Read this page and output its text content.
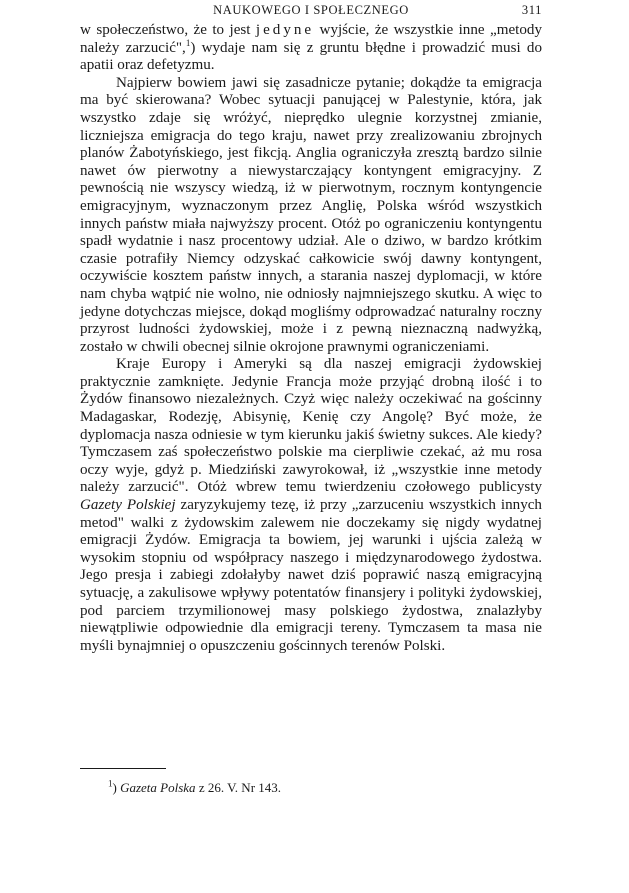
NAUKOWEGO I SPOŁECZNEGO	311

w społeczeństwo, że to jest jedyne wyjście, że wszystkie inne „metody należy zarzucić",$^1$) wydaje nam się z gruntu błędne i prowadzić musi do apatii oraz defetyzmu.

Najpierw bowiem jawi się zasadnicze pytanie; dokądże ta emigracja ma być skierowana? Wobec sytuacji panującej w Palestynie, która, jak wszystko zdaje się wróżyć, nieprędko ulegnie korzystnej zmianie, liczniejsza emigracja do tego kraju, nawet przy zrealizowaniu zbrojnych planów Żabotyńskiego, jest fikcją. Anglia ograniczyła zresztą bardzo silnie nawet ów pierwotny a niewystarczający kontyngent emigracyjny. Z pewnością nie wszyscy wiedzą, iż w pierwotnym, rocznym kontyngencie emigracyjnym, wyznaczonym przez Anglię, Polska wśród wszystkich innych państw miała najwyższy procent. Otóż po ograniczeniu kontyngentu spadł wydatnie i nasz procentowy udział. Ale o dziwo, w bardzo krótkim czasie potrafiły Niemcy odzyskać całkowicie swój dawny kontyngent, oczywiście kosztem państw innych, a starania naszej dyplomacji, w które nam chyba wątpić nie wolno, nie odniosły najmniejszego skutku. A więc to jedyne dotychczas miejsce, dokąd mogliśmy odprowadzać naturalny roczny przyrost ludności żydowskiej, może i z pewną nieznaczną nadwyżką, zostało w chwili obecnej silnie okrojone prawnymi ograniczeniami.

Kraje Europy i Ameryki są dla naszej emigracji żydowskiej praktycznie zamknięte. Jedynie Francja może przyjąć drobną ilość i to Żydów finansowo niezależnych. Czyż więc należy oczekiwać na gościnny Madagaskar, Rodezję, Abisynię, Kenię czy Angolę? Być może, że dyplomacja nasza odniesie w tym kierunku jakiś świetny sukces. Ale kiedy? Tymczasem zaś społeczeństwo polskie ma cierpliwie czekać, aż mu rosa oczy wyje, gdyż p. Miedziński zawyrokował, iż „wszystkie inne metody należy zarzucić". Otóż wbrew temu twierdzeniu czołowego publicysty Gazety Polskiej zaryzykujemy tezę, iż przy „zarzuceniu wszystkich innych metod" walki z żydowskim zalewem nie doczekamy się nigdy wydatnej emigracji Żydów. Emigracja ta bowiem, jej warunki i ujścia zależą w wysokim stopniu od współpracy naszego i międzynarodowego żydostwa. Jego presja i zabiegi zdołałyby nawet dziś poprawić naszą emigracyjną sytuację, a zakulisowe wpływy potentatów finansjery i polityki żydowskiej, pod parciem trzymilionowej masy polskiego żydostwa, znalazłyby niewątpliwie odpowiednie dla emigracji tereny. Tymczasem ta masa nie myśli bynajmniej o opuszczeniu gościnnych terenów Polski.

$^1$) Gazeta Polska z 26. V. Nr 143.
